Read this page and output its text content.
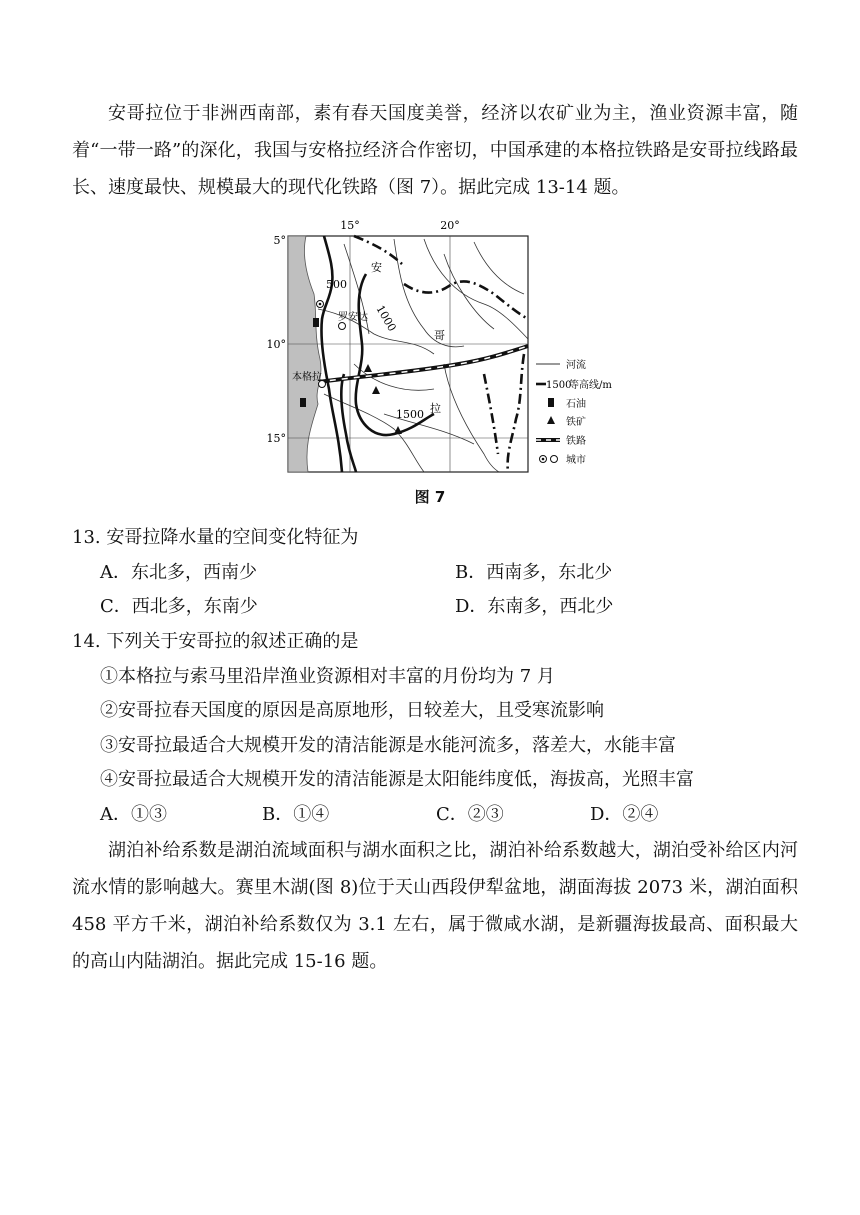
安哥拉位于非洲西南部，素有春天国度美誉，经济以农矿业为主，渔业资源丰富，随着“一带一路”的深化，我国与安格拉经济合作密切，中国承建的本格拉铁路是安哥拉线路最长、速度最快、规模最大的现代化铁路（图 7）。据此完成 13-14 题。
15°	20°
5°
10°
15°
500
1000
1500
安
哥
拉
罗安达
本格拉
河流
1500
等高线/m
石油
铁矿
铁路
城市
图 7
13. 安哥拉降水量的空间变化特征为
A．东北多，西南少	B．西南多，东北少
C．西北多，东南少	D．东南多，西北少
14. 下列关于安哥拉的叙述正确的是
①本格拉与索马里沿岸渔业资源相对丰富的月份均为 7 月
②安哥拉春天国度的原因是高原地形，日较差大，且受寒流影响
③安哥拉最适合大规模开发的清洁能源是水能河流多，落差大，水能丰富
④安哥拉最适合大规模开发的清洁能源是太阳能纬度低，海拔高，光照丰富
A．①③	B．①④	C．②③	D．②④
湖泊补给系数是湖泊流域面积与湖水面积之比，湖泊补给系数越大，湖泊受补给区内河流水情的影响越大。赛里木湖(图 8)位于天山西段伊犁盆地，湖面海拔 2073 米，湖泊面积 458 平方千米，湖泊补给系数仅为 3.1 左右，属于微咸水湖，是新疆海拔最高、面积最大的高山内陆湖泊。据此完成 15-16 题。
